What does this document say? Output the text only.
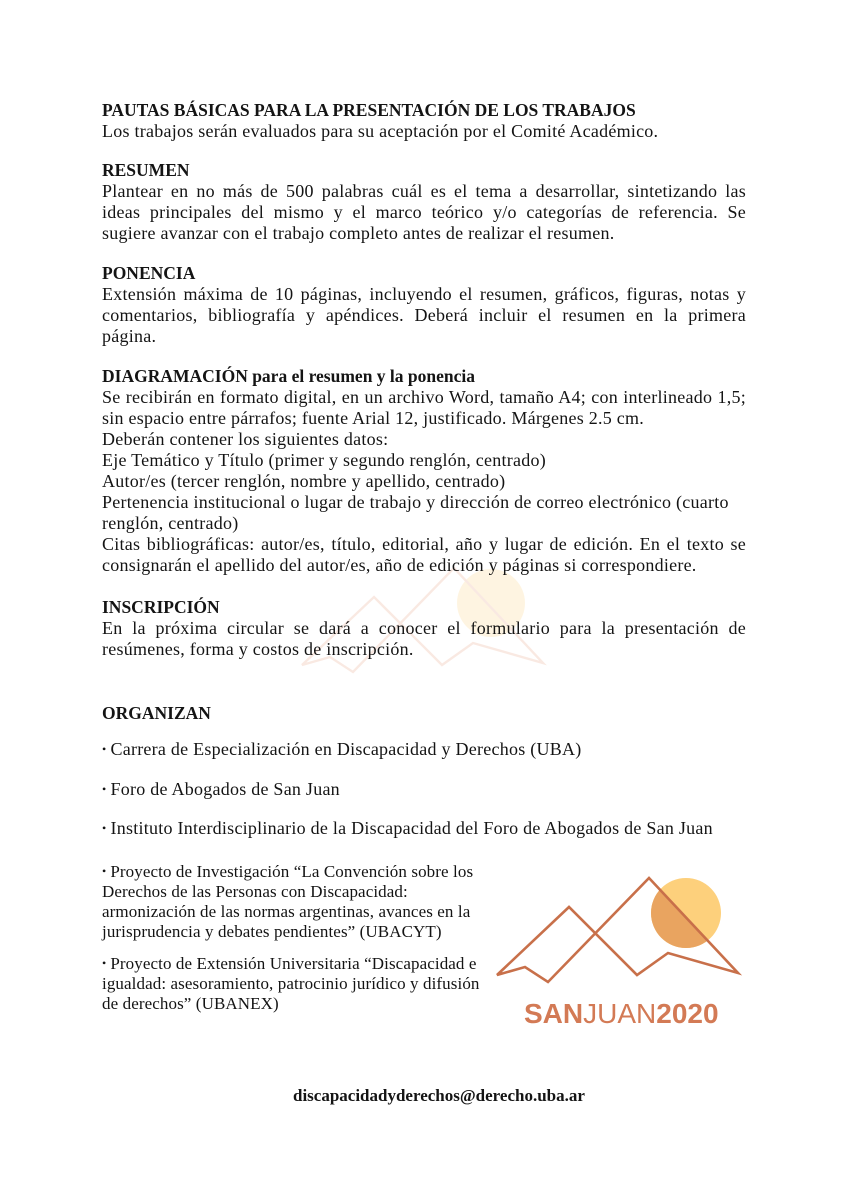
PAUTAS BÁSICAS PARA LA PRESENTACIÓN DE LOS TRABAJOS
Los trabajos serán evaluados para su aceptación por el Comité Académico.
RESUMEN
Plantear en no más de 500 palabras cuál es el tema a desarrollar, sintetizando las
ideas principales del mismo y el marco teórico y/o categorías de referencia. Se
sugiere avanzar con el trabajo completo antes de realizar el resumen.
PONENCIA
Extensión máxima de 10 páginas, incluyendo el resumen, gráficos, figuras, notas y
comentarios, bibliografía y apéndices. Deberá incluir el resumen en la primera
página.
DIAGRAMACIÓN para el resumen y la ponencia
Se recibirán en formato digital, en un archivo Word, tamaño A4; con interlineado 1,5;
sin espacio entre párrafos; fuente Arial 12, justificado. Márgenes 2.5 cm.
Deberán contener los siguientes datos:
Eje Temático y Título (primer y segundo renglón, centrado)
Autor/es (tercer renglón, nombre y apellido, centrado)
Pertenencia institucional o lugar de trabajo y dirección de correo electrónico (cuarto
renglón, centrado)
Citas bibliográficas: autor/es, título, editorial, año y lugar de edición. En el texto se
consignarán el apellido del autor/es, año de edición y páginas si correspondiere.
INSCRIPCIÓN
En la próxima circular se dará a conocer el formulario para la presentación de
resúmenes, forma y costos de inscripción.
ORGANIZAN
•Carrera de Especialización en Discapacidad y Derechos (UBA)
•Foro de Abogados de San Juan
•Instituto Interdisciplinario de la Discapacidad del Foro de Abogados de San Juan
•Proyecto de Investigación “La Convención sobre los
Derechos de las Personas con Discapacidad:
armonización de las normas argentinas, avances en la
jurisprudencia y debates pendientes” (UBACYT)
•Proyecto de Extensión Universitaria “Discapacidad e
igualdad: asesoramiento, patrocinio jurídico y difusión
de derechos” (UBANEX)	SANJUAN2020
discapacidadyderechos@derecho.uba.ar
